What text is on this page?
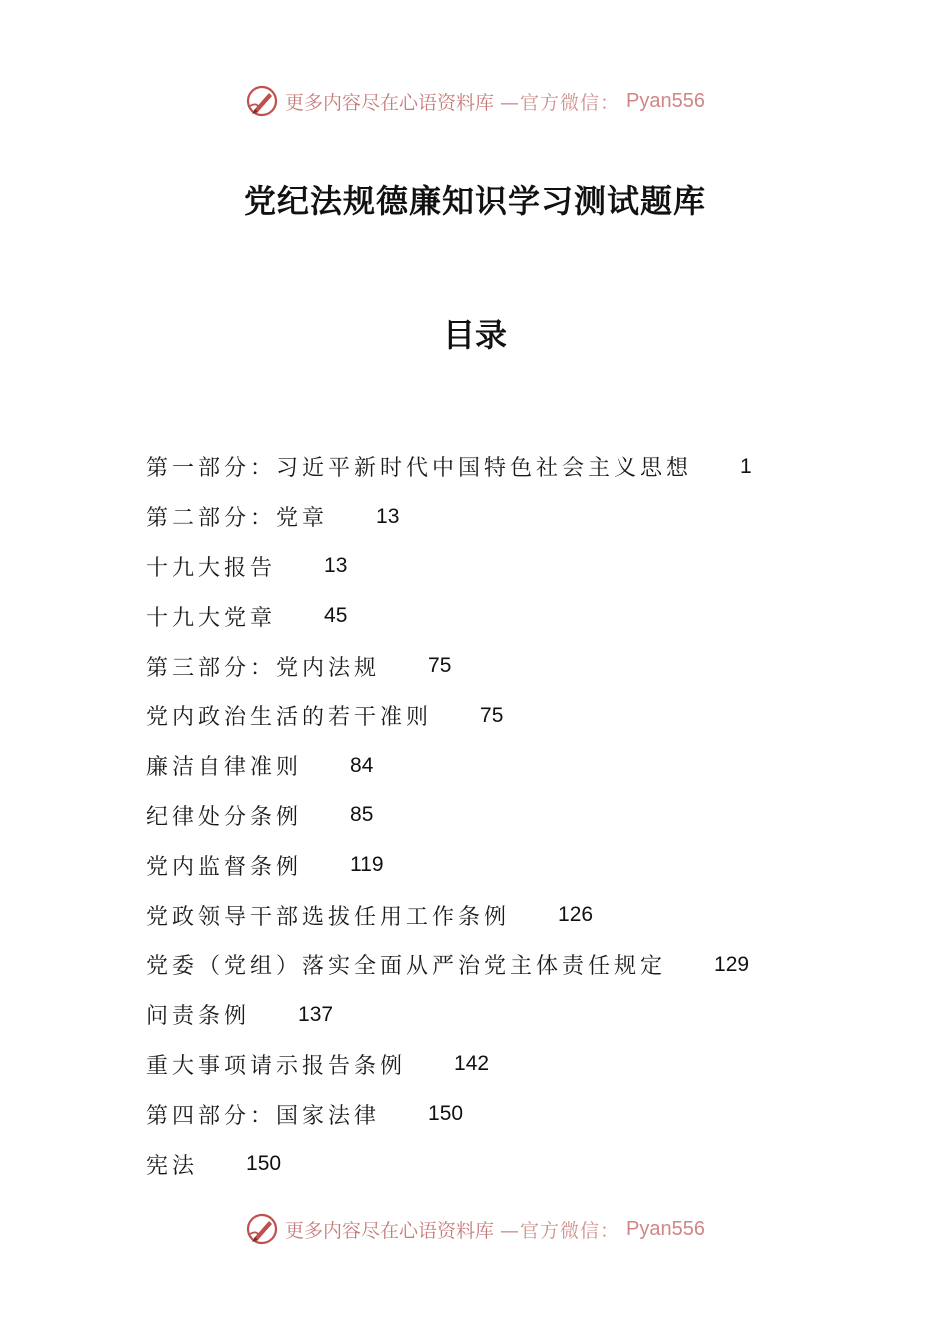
更多内容尽在心语资料库 —官方微信： Pyan556
党纪法规德廉知识学习测试题库
目录
第一部分：习近平新时代中国特色社会主义思想 1
第二部分：党章 13
十九大报告 13
十九大党章 45
第三部分：党内法规 75
党内政治生活的若干准则 75
廉洁自律准则 84
纪律处分条例 85
党内监督条例 119
党政领导干部选拔任用工作条例 126
党委（党组）落实全面从严治党主体责任规定 129
问责条例 137
重大事项请示报告条例 142
第四部分：国家法律 150
宪法 150
更多内容尽在心语资料库 —官方微信： Pyan556
